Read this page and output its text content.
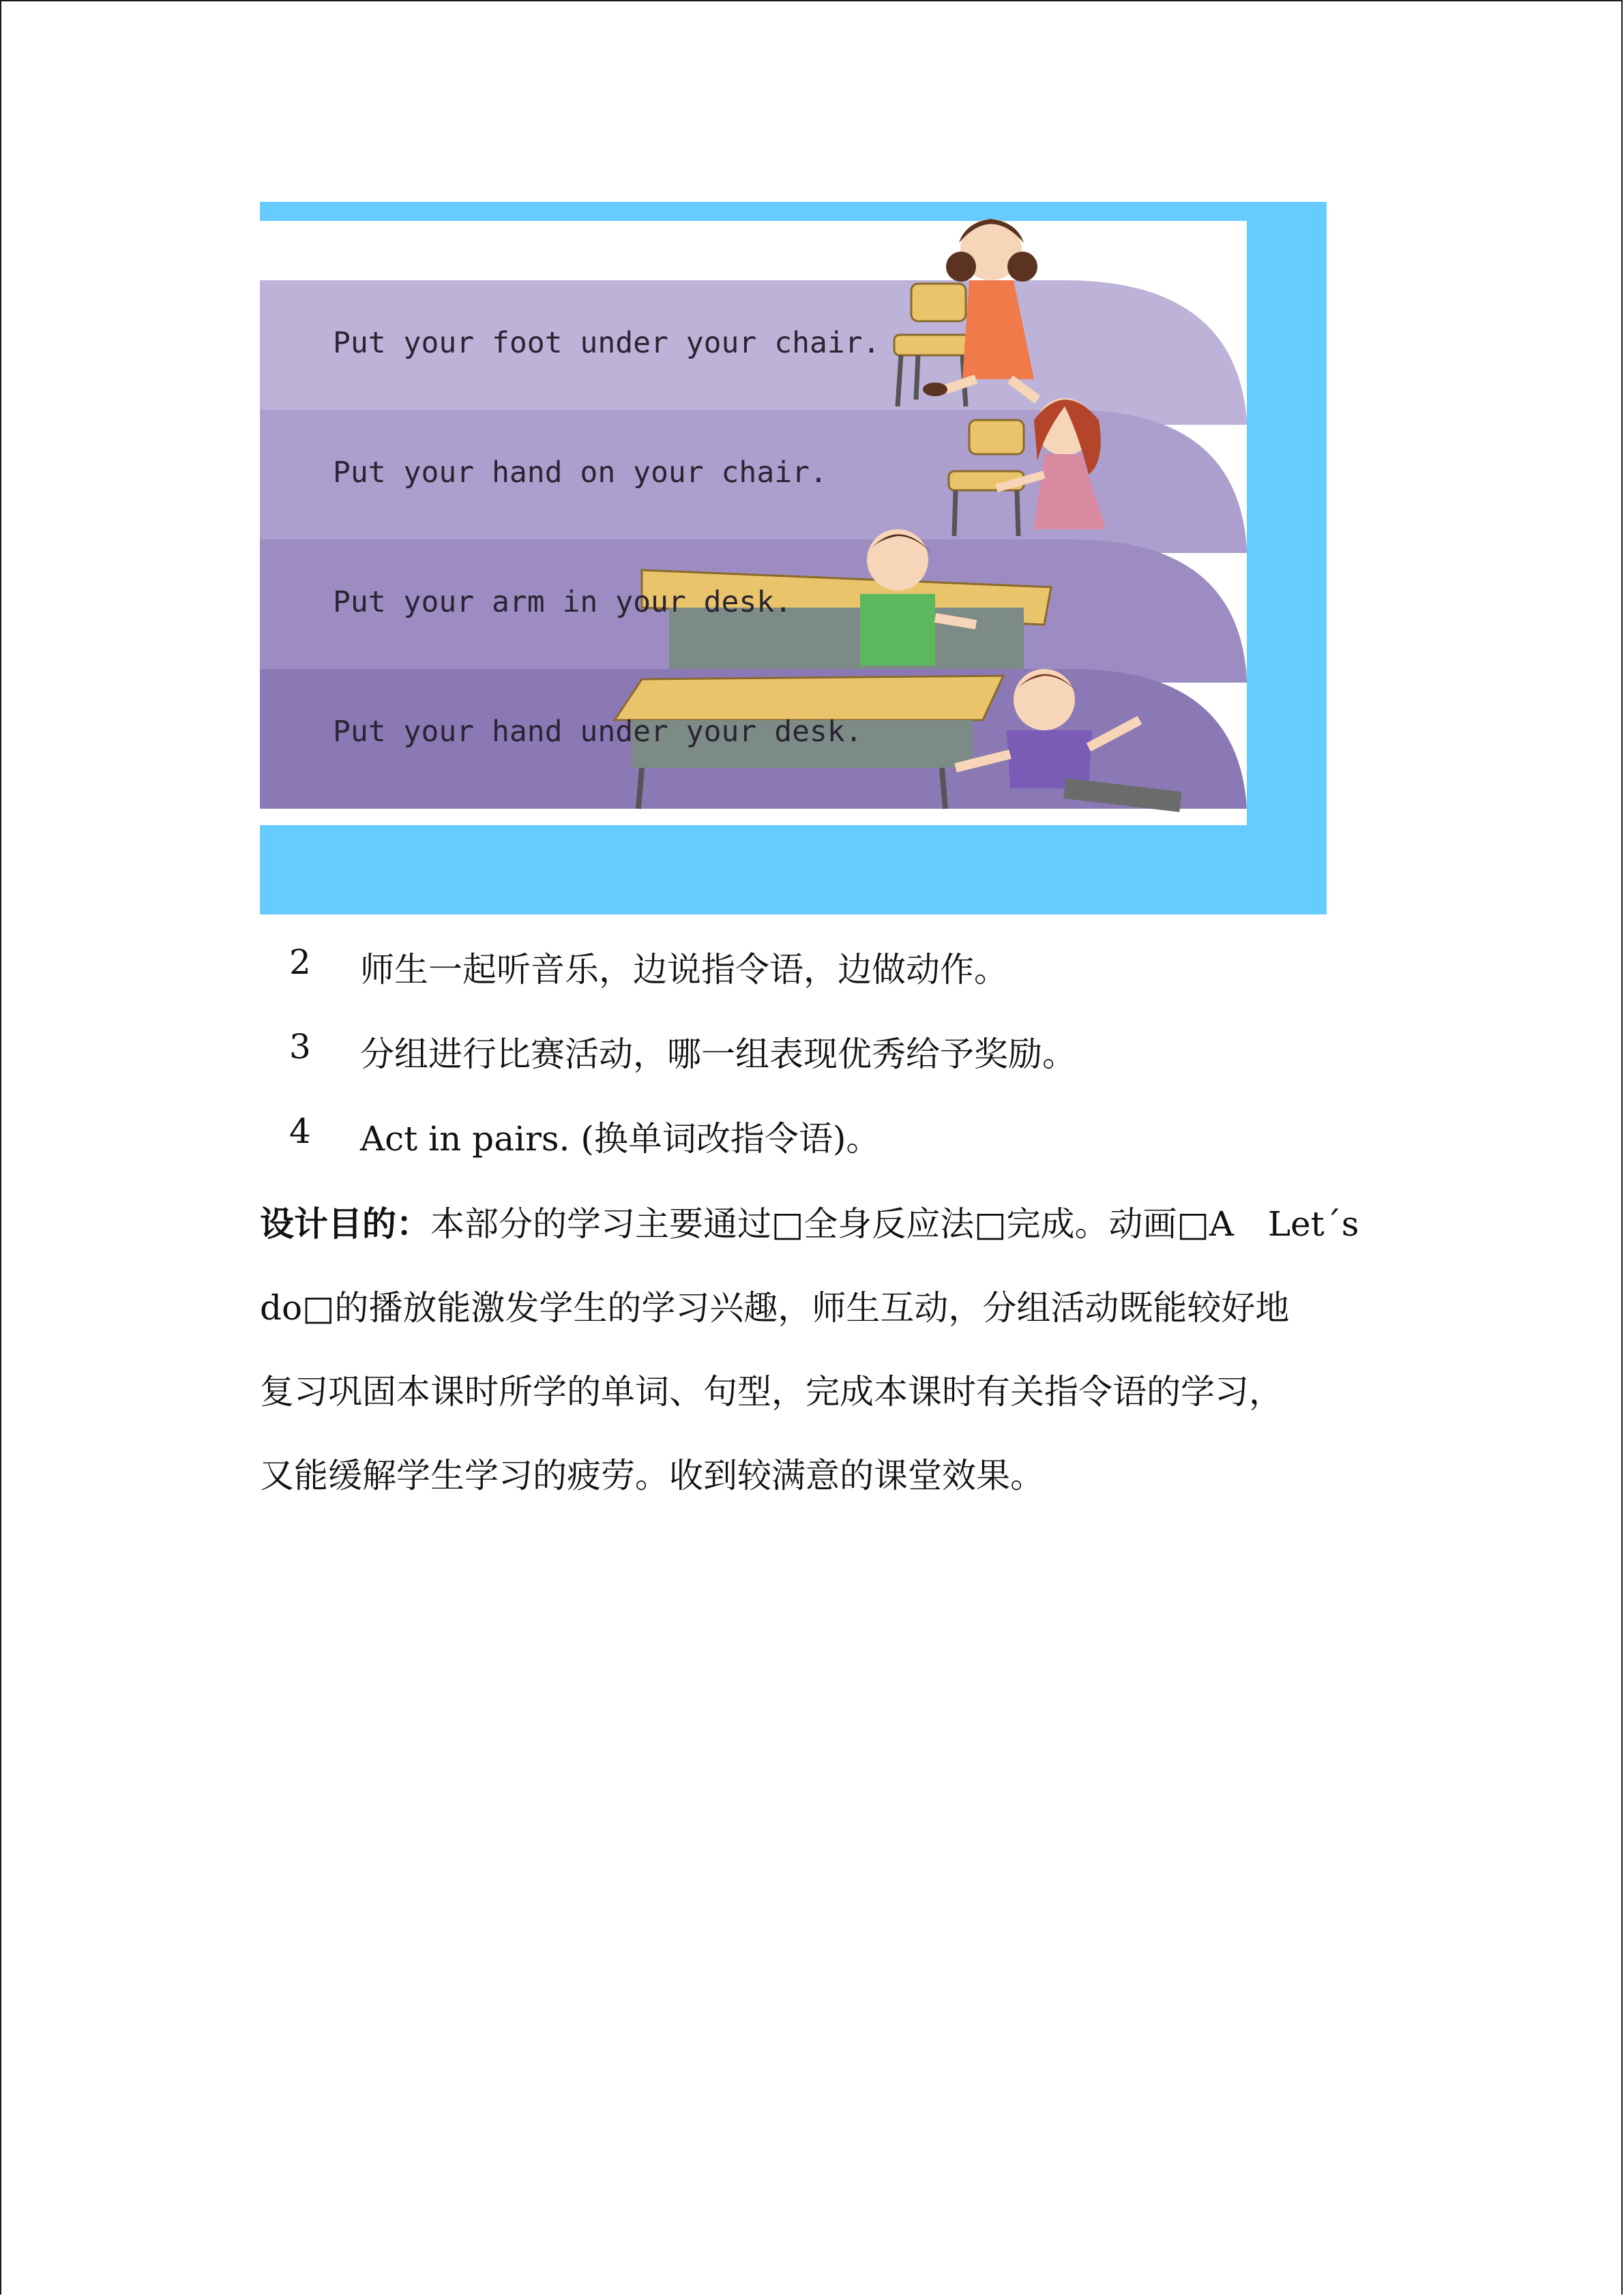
Put your foot under your chair.
Put your hand on your chair.
Put your arm in your desk.
Put your hand under your desk.
2 师生一起听音乐，边说指令语，边做动作。
3 分组进行比赛活动，哪一组表现优秀给予奖励。
4 Act in pairs. (换单词改指令语)。
设计目的：本部分的学习主要通过□全身反应法□完成。动画□A　Let´s
do□的播放能激发学生的学习兴趣，师生互动，分组活动既能较好地
复习巩固本课时所学的单词、句型，完成本课时有关指令语的学习，
又能缓解学生学习的疲劳。收到较满意的课堂效果。
